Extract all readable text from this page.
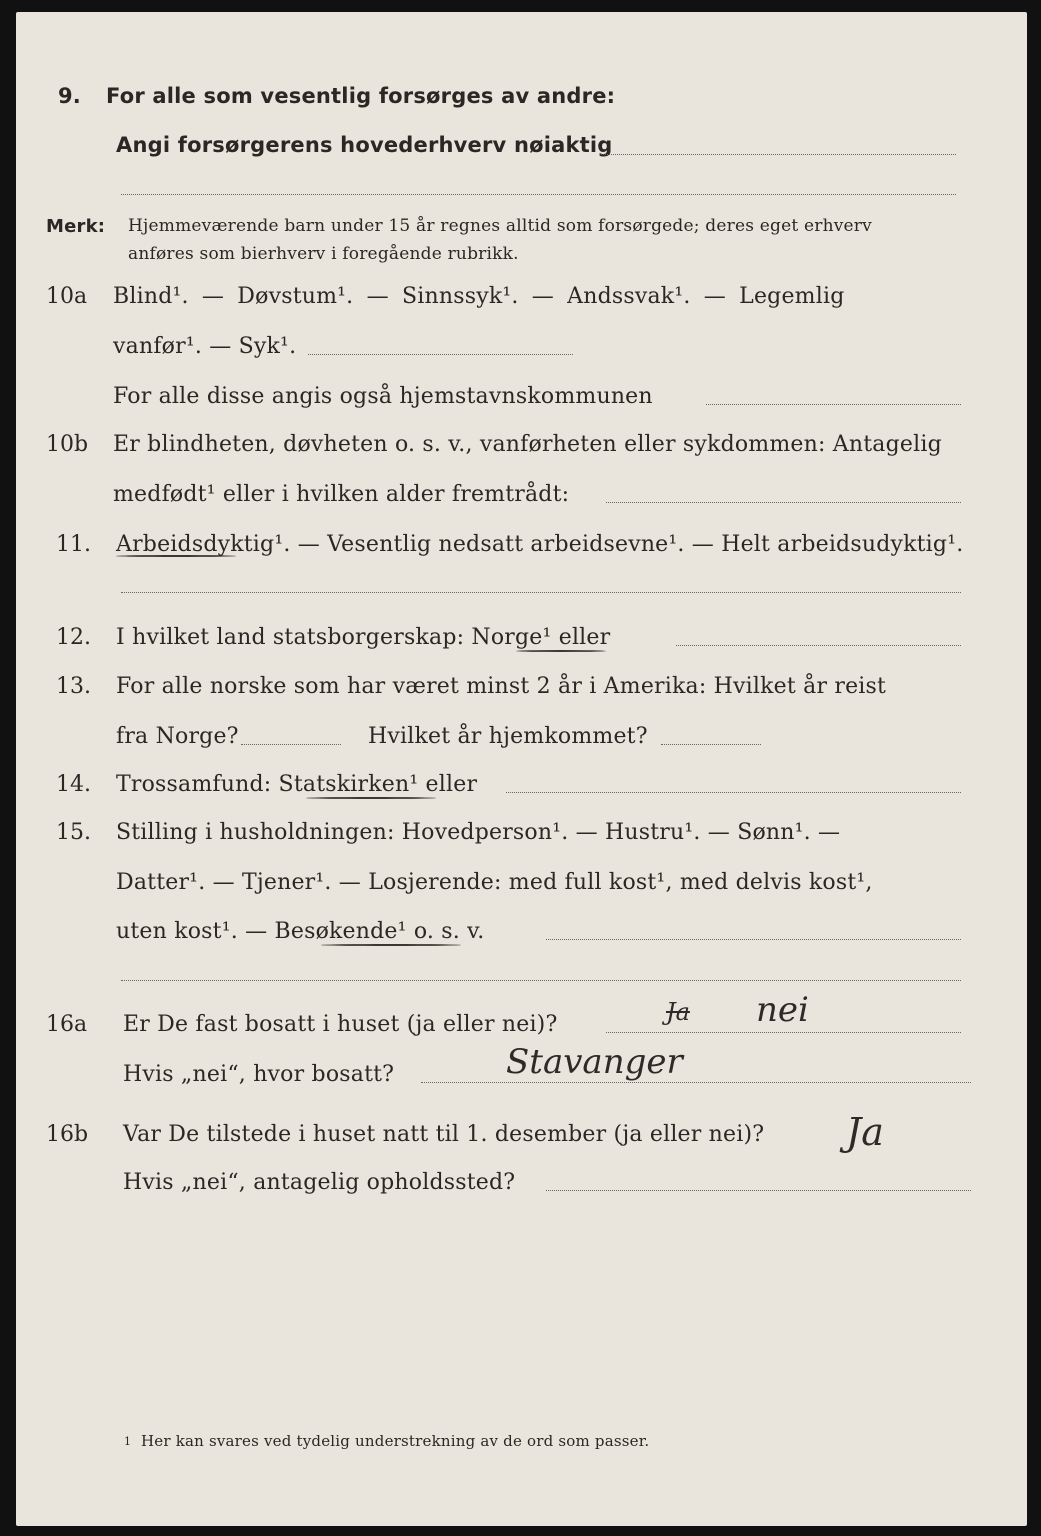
9. For alle som vesentlig forsørges av andre:
Angi forsørgerens hovederhverv nøiaktig
Merk: Hjemmeværende barn under 15 år regnes alltid som forsørgede; deres eget erhverv
anføres som bierhverv i foregående rubrikk.
10a Blind¹. — Døvstum¹. — Sinnssyk¹. — Andssvak¹. — Legemlig
vanfør¹. — Syk¹.
For alle disse angis også hjemstavnskommunen
10b Er blindheten, døvheten o. s. v., vanførheten eller sykdommen: Antagelig
medfødt¹ eller i hvilken alder fremtrådt:
11. Arbeidsdyktig¹. — Vesentlig nedsatt arbeidsevne¹. — Helt arbeidsudyktig¹.
12. I hvilket land statsborgerskap: Norge¹ eller
13. For alle norske som har været minst 2 år i Amerika: Hvilket år reist
fra Norge?	Hvilket år hjemkommet?
14. Trossamfund: Statskirken¹ eller
15. Stilling i husholdningen: Hovedperson¹. — Hustru¹. — Sønn¹. —
Datter¹. — Tjener¹. — Losjerende: med full kost¹, med delvis kost¹,
uten kost¹. — Besøkende¹ o. s. v.
16a Er De fast bosatt i huset (ja eller nei)?	Ja nei
Hvis „nei“, hvor bosatt?	Stavanger
16b Var De tilstede i huset natt til 1. desember (ja eller nei)? Ja
Hvis „nei“, antagelig opholdssted?
1 Her kan svares ved tydelig understrekning av de ord som passer.
